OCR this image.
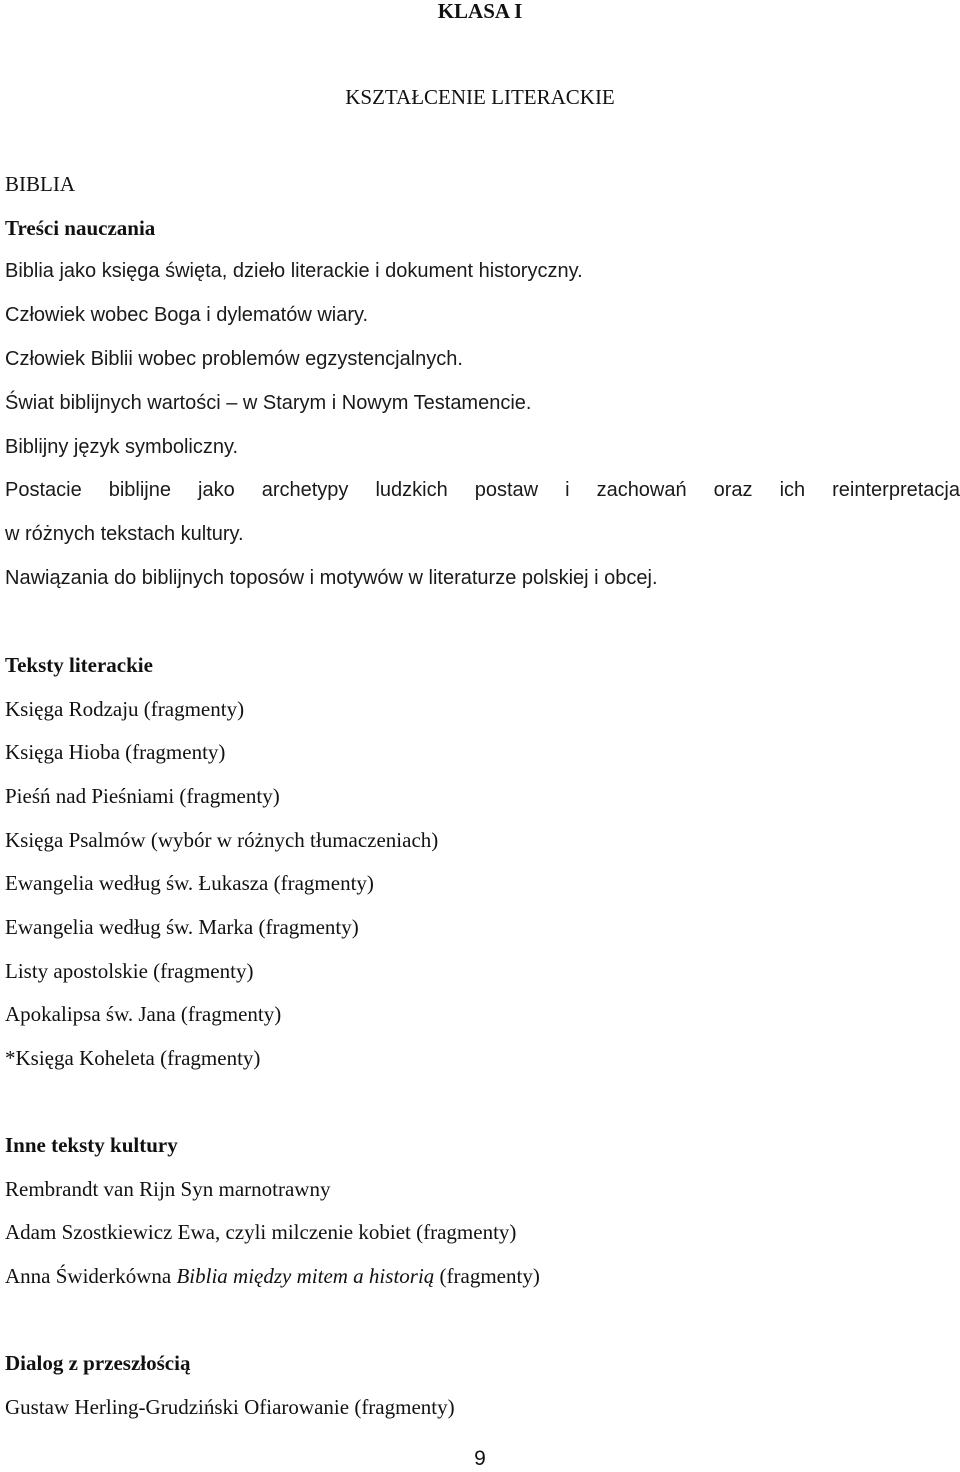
KLASA I
KSZTAŁCENIE LITERACKIE
BIBLIA
Treści nauczania
Biblia jako księga święta, dzieło literackie i dokument historyczny.
Człowiek wobec Boga i dylematów wiary.
Człowiek Biblii wobec problemów egzystencjalnych.
Świat biblijnych wartości – w Starym i Nowym Testamencie.
Biblijny język symboliczny.
Postacie biblijne jako archetypy ludzkich postaw i zachowań oraz ich reinterpretacja
w różnych tekstach kultury.
Nawiązania do biblijnych toposów i motywów w literaturze polskiej i obcej.
Teksty literackie
Księga Rodzaju (fragmenty)
Księga Hioba (fragmenty)
Pieśń nad Pieśniami (fragmenty)
Księga Psalmów (wybór w różnych tłumaczeniach)
Ewangelia według św. Łukasza (fragmenty)
Ewangelia według św. Marka (fragmenty)
Listy apostolskie (fragmenty)
Apokalipsa św. Jana (fragmenty)
*Księga Koheleta (fragmenty)
Inne teksty kultury
Rembrandt van Rijn Syn marnotrawny
Adam Szostkiewicz Ewa, czyli milczenie kobiet (fragmenty)
Anna Świderkówna Biblia między mitem a historią (fragmenty)
Dialog z przeszłością
Gustaw Herling-Grudziński Ofiarowanie (fragmenty)
9
